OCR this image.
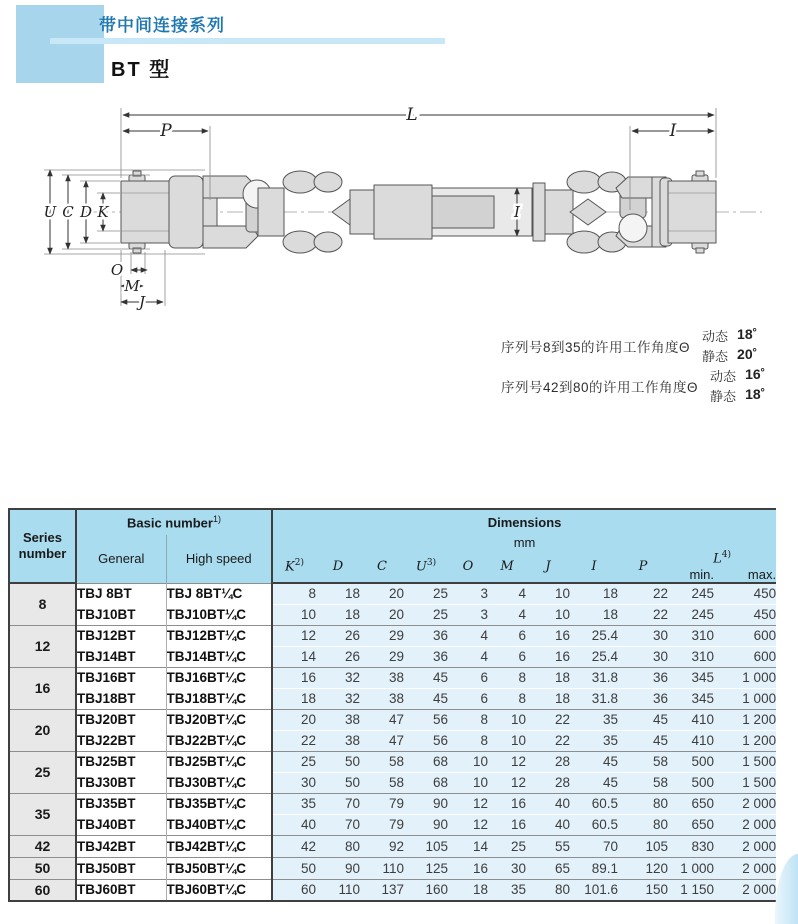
带中间连接系列
BT 型
L
P	I
U C D K	I
O
M
J
序列号8到35的许用工作角度Θ
动态 18˚
静态 20˚
序列号42到80的许用工作角度Θ
动态 16˚
静态 18˚
Series
number	Basic number$^{1)}$		Dimensions										
	General	High speed	mm										
			$K^{2)}$	D	C	$U^{3)}$	O	M	J	I	P	$L^{4)}$
												min.	max.
8	TBJ 8BT	TBJ 8BT¼C	8	18	20	25	3	4	10	18	22	245	450
	TBJ10BT	TBJ10BT¼C	10	18	20	25	3	4	10	18	22	245	450
12	TBJ12BT	TBJ12BT¼C	12	26	29	36	4	6	16	25.4	30	310	600
	TBJ14BT	TBJ14BT¼C	14	26	29	36	4	6	16	25.4	30	310	600
16	TBJ16BT	TBJ16BT¼C	16	32	38	45	6	8	18	31.8	36	345	1 000
	TBJ18BT	TBJ18BT¼C	18	32	38	45	6	8	18	31.8	36	345	1 000
20	TBJ20BT	TBJ20BT¼C	20	38	47	56	8	10	22	35	45	410	1 200
	TBJ22BT	TBJ22BT¼C	22	38	47	56	8	10	22	35	45	410	1 200
25	TBJ25BT	TBJ25BT¼C	25	50	58	68	10	12	28	45	58	500	1 500
	TBJ30BT	TBJ30BT¼C	30	50	58	68	10	12	28	45	58	500	1 500
35	TBJ35BT	TBJ35BT¼C	35	70	79	90	12	16	40	60.5	80	650	2 000
	TBJ40BT	TBJ40BT¼C	40	70	79	90	12	16	40	60.5	80	650	2 000
42	TBJ42BT	TBJ42BT¼C	42	80	92	105	14	25	55	70	105	830	2 000
50	TBJ50BT	TBJ50BT¼C	50	90	110	125	16	30	65	89.1	120	1 000	2 000
60	TBJ60BT	TBJ60BT¼C	60	110	137	160	18	35	80	101.6	150	1 150	2 000
